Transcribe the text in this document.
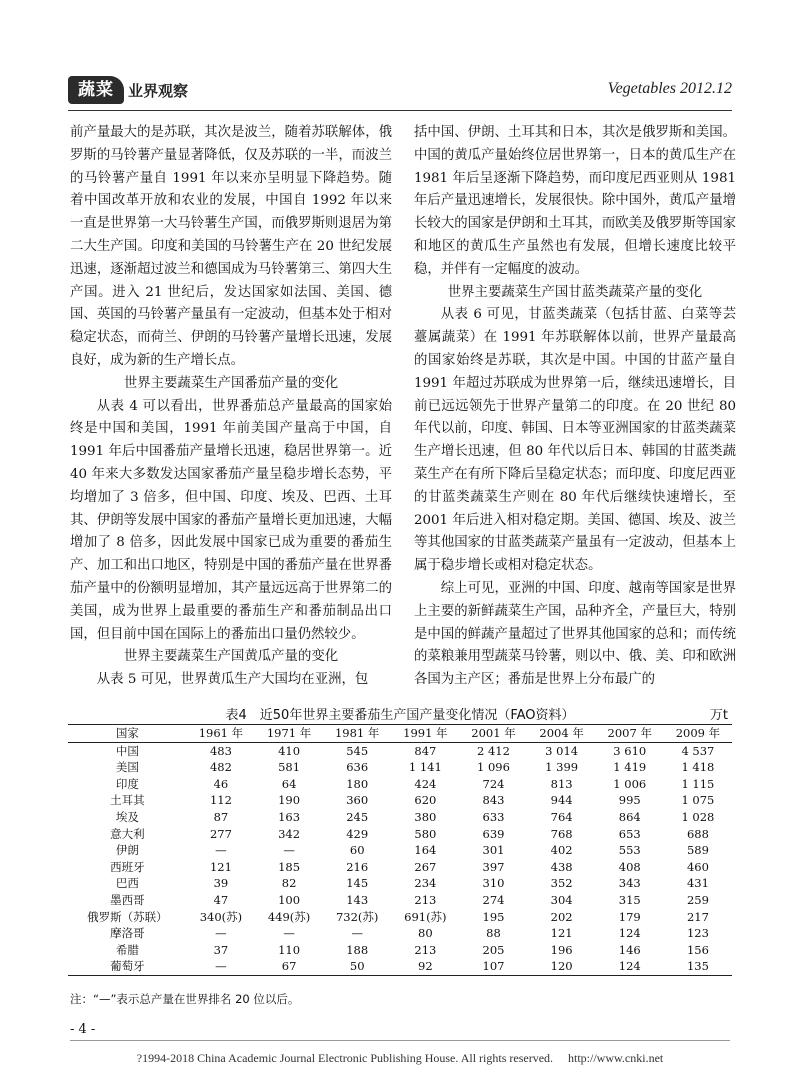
蔬菜 业界观察	Vegetables 2012.12

前产量最大的是苏联，其次是波兰，随着苏联解体，俄罗斯的马铃薯产量显著降低，仅及苏联的一半，而波兰的马铃薯产量自 1991 年以来亦呈明显下降趋势。随着中国改革开放和农业的发展，中国自 1992 年以来一直是世界第一大马铃薯生产国，而俄罗斯则退居为第二大生产国。印度和美国的马铃薯生产在 20 世纪发展迅速，逐渐超过波兰和德国成为马铃薯第三、第四大生产国。进入 21 世纪后，发达国家如法国、美国、德国、英国的马铃薯产量虽有一定波动，但基本处于相对稳定状态，而荷兰、伊朗的马铃薯产量增长迅速，发展良好，成为新的生产增长点。

世界主要蔬菜生产国番茄产量的变化

从表 4 可以看出，世界番茄总产量最高的国家始终是中国和美国，1991 年前美国产量高于中国，自 1991 年后中国番茄产量增长迅速，稳居世界第一。近 40 年来大多数发达国家番茄产量呈稳步增长态势，平均增加了 3 倍多，但中国、印度、埃及、巴西、土耳其、伊朗等发展中国家的番茄产量增长更加迅速，大幅增加了 8 倍多，因此发展中国家已成为重要的番茄生产、加工和出口地区，特别是中国的番茄产量在世界番茄产量中的份额明显增加，其产量远远高于世界第二的美国，成为世界上最重要的番茄生产和番茄制品出口国，但目前中国在国际上的番茄出口量仍然较少。

世界主要蔬菜生产国黄瓜产量的变化

从表 5 可见，世界黄瓜生产大国均在亚洲，包

括中国、伊朗、土耳其和日本，其次是俄罗斯和美国。中国的黄瓜产量始终位居世界第一，日本的黄瓜生产在 1981 年后呈逐渐下降趋势，而印度尼西亚则从 1981 年后产量迅速增长，发展很快。除中国外，黄瓜产量增长较大的国家是伊朗和土耳其，而欧美及俄罗斯等国家和地区的黄瓜生产虽然也有发展，但增长速度比较平稳，并伴有一定幅度的波动。

世界主要蔬菜生产国甘蓝类蔬菜产量的变化

从表 6 可见，甘蓝类蔬菜（包括甘蓝、白菜等芸薹属蔬菜）在 1991 年苏联解体以前，世界产量最高的国家始终是苏联，其次是中国。中国的甘蓝产量自 1991 年超过苏联成为世界第一后，继续迅速增长，目前已远远领先于世界产量第二的印度。在 20 世纪 80 年代以前，印度、韩国、日本等亚洲国家的甘蓝类蔬菜生产增长迅速，但 80 年代以后日本、韩国的甘蓝类蔬菜生产在有所下降后呈稳定状态；而印度、印度尼西亚的甘蓝类蔬菜生产则在 80 年代后继续快速增长，至 2001 年后进入相对稳定期。美国、德国、埃及、波兰等其他国家的甘蓝类蔬菜产量虽有一定波动，但基本上属于稳步增长或相对稳定状态。

综上可见，亚洲的中国、印度、越南等国家是世界上主要的新鲜蔬菜生产国，品种齐全，产量巨大，特别是中国的鲜蔬产量超过了世界其他国家的总和；而传统的菜粮兼用型蔬菜马铃薯，则以中、俄、美、印和欧洲各国为主产区；番茄是世界上分布最广的

表4　近50年世界主要番茄生产国产量变化情况（FAO资料）	万t
国家	1961 年	1971 年	1981 年	1991 年	2001 年	2004 年	2007 年	2009 年
中国	483	410	545	847	2 412	3 014	3 610	4 537
美国	482	581	636	1 141	1 096	1 399	1 419	1 418
印度	46	64	180	424	724	813	1 006	1 115
土耳其	112	190	360	620	843	944	995	1 075
埃及	87	163	245	380	633	764	864	1 028
意大利	277	342	429	580	639	768	653	688
伊朗	—	—	60	164	301	402	553	589
西班牙	121	185	216	267	397	438	408	460
巴西	39	82	145	234	310	352	343	431
墨西哥	47	100	143	213	274	304	315	259
俄罗斯（苏联）	340(苏)	449(苏)	732(苏)	691(苏)	195	202	179	217
摩洛哥	—	—	—	80	88	121	124	123
希腊	37	110	188	213	205	196	146	156
葡萄牙	—	67	50	92	107	120	124	135
注：“—”表示总产量在世界排名 20 位以后。
- 4 -
?1994-2018 China Academic Journal Electronic Publishing House. All rights reserved.　 http://www.cnki.net
